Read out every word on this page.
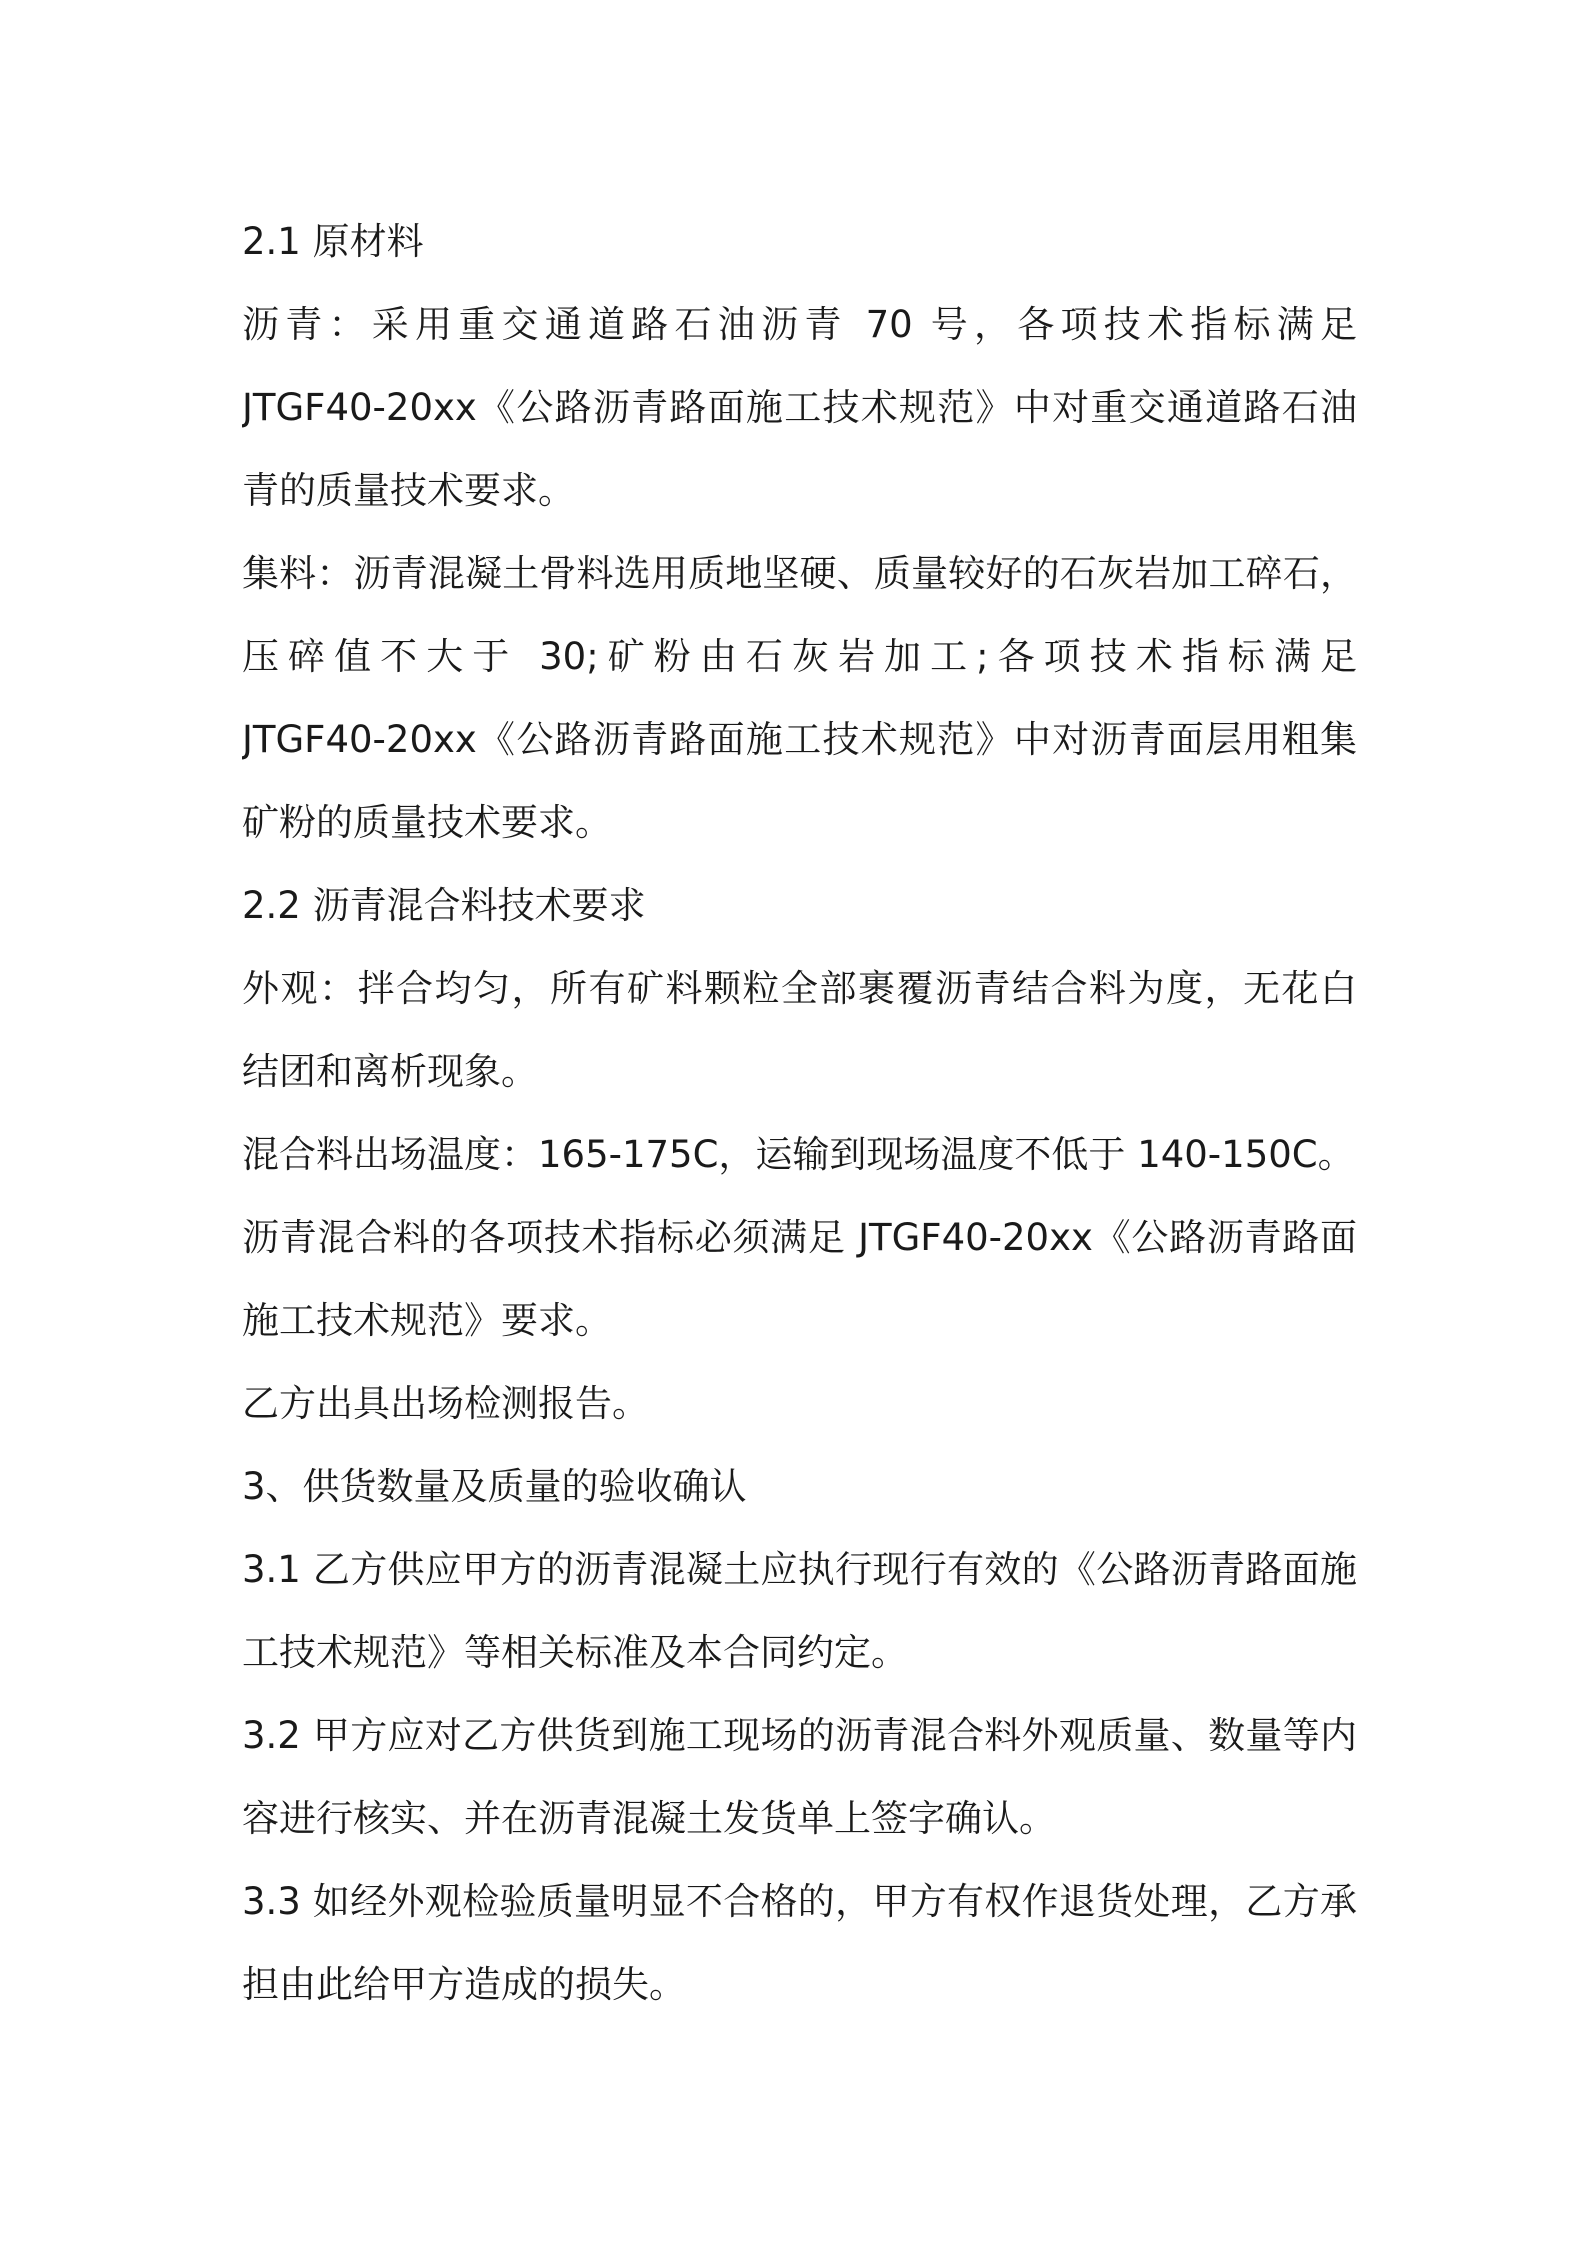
2.1 原材料
沥青：采用重交通道路石油沥青 70 号，各项技术指标满足
JTGF40-20xx《公路沥青路面施工技术规范》中对重交通道路石油
青的质量技术要求。
集料：沥青混凝土骨料选用质地坚硬、质量较好的石灰岩加工碎石，
压碎值不大于 30;矿粉由石灰岩加工;各项技术指标满足
JTGF40-20xx《公路沥青路面施工技术规范》中对沥青面层用粗集
矿粉的质量技术要求。
2.2 沥青混合料技术要求
外观：拌合均匀，所有矿料颗粒全部裹覆沥青结合料为度，无花白
结团和离析现象。
混合料出场温度：165-175C，运输到现场温度不低于 140-150C。
沥青混合料的各项技术指标必须满足 JTGF40-20xx《公路沥青路面
施工技术规范》要求。
乙方出具出场检测报告。
3、供货数量及质量的验收确认
3.1 乙方供应甲方的沥青混凝土应执行现行有效的《公路沥青路面施
工技术规范》等相关标准及本合同约定。
3.2 甲方应对乙方供货到施工现场的沥青混合料外观质量、数量等内
容进行核实、并在沥青混凝土发货单上签字确认。
3.3 如经外观检验质量明显不合格的，甲方有权作退货处理，乙方承
担由此给甲方造成的损失。
